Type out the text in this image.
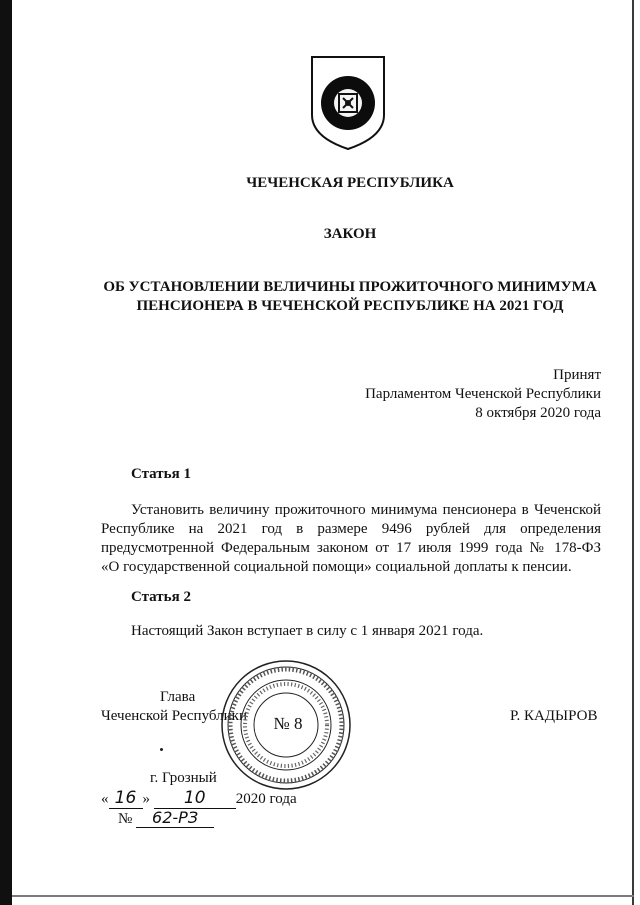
ЧЕЧЕНСКАЯ РЕСПУБЛИКА
ЗАКОН
ОБ УСТАНОВЛЕНИИ ВЕЛИЧИНЫ ПРОЖИТОЧНОГО МИНИМУМА
ПЕНСИОНЕРА В ЧЕЧЕНСКОЙ РЕСПУБЛИКЕ НА 2021 ГОД
Принят
Парламентом Чеченской Республики
8 октября 2020 года
Статья 1
Установить величину прожиточного минимума пенсионера в Чеченской
Республике на 2021 год в размере 9496 рублей для определения
предусмотренной Федеральным законом от 17 июля 1999 года № 178-ФЗ
«О государственной социальной помощи» социальной доплаты к пенсии.
Статья 2
Настоящий Закон вступает в силу с 1 января 2021 года.
Глава
Чеченской Республики	Р. КАДЫРОВ
№ 8
г. Грозный
« 16 » 10 2020 года
№ 62-РЗ
